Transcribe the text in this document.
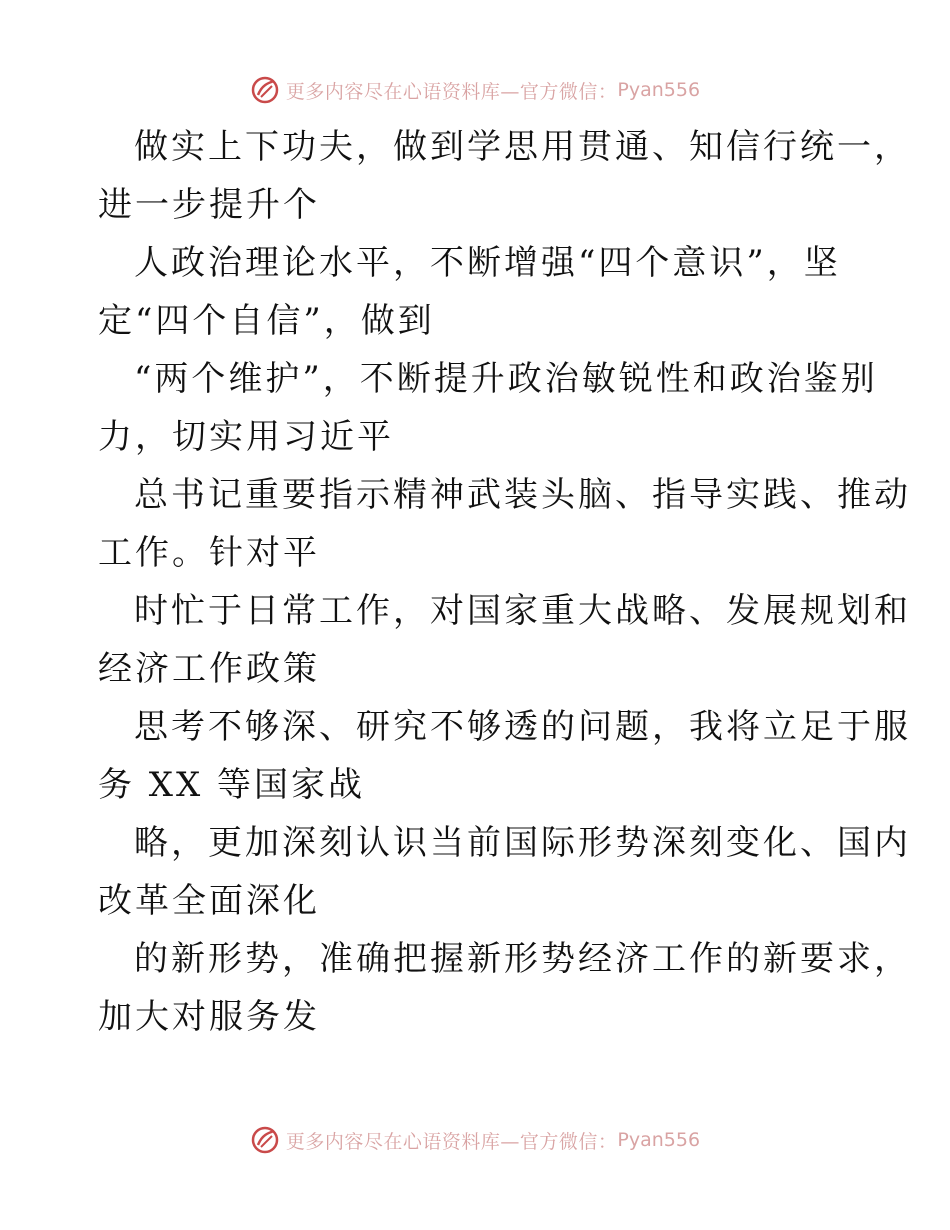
更多内容尽在心语资料库—官方微信： Pyan556

做实上下功夫，做到学思用贯通、知信行统一，
进一步提升个

人政治理论水平，不断增强“四个意识”，坚
定“四个自信”，做到

“两个维护”，不断提升政治敏锐性和政治鉴别
力，切实用习近平

总书记重要指示精神武装头脑、指导实践、推动
工作。针对平

时忙于日常工作，对国家重大战略、发展规划和
经济工作政策

思考不够深、研究不够透的问题，我将立足于服
务 XX 等国家战

略，更加深刻认识当前国际形势深刻变化、国内
改革全面深化

的新形势，准确把握新形势经济工作的新要求，
加大对服务发

更多内容尽在心语资料库—官方微信： Pyan556
